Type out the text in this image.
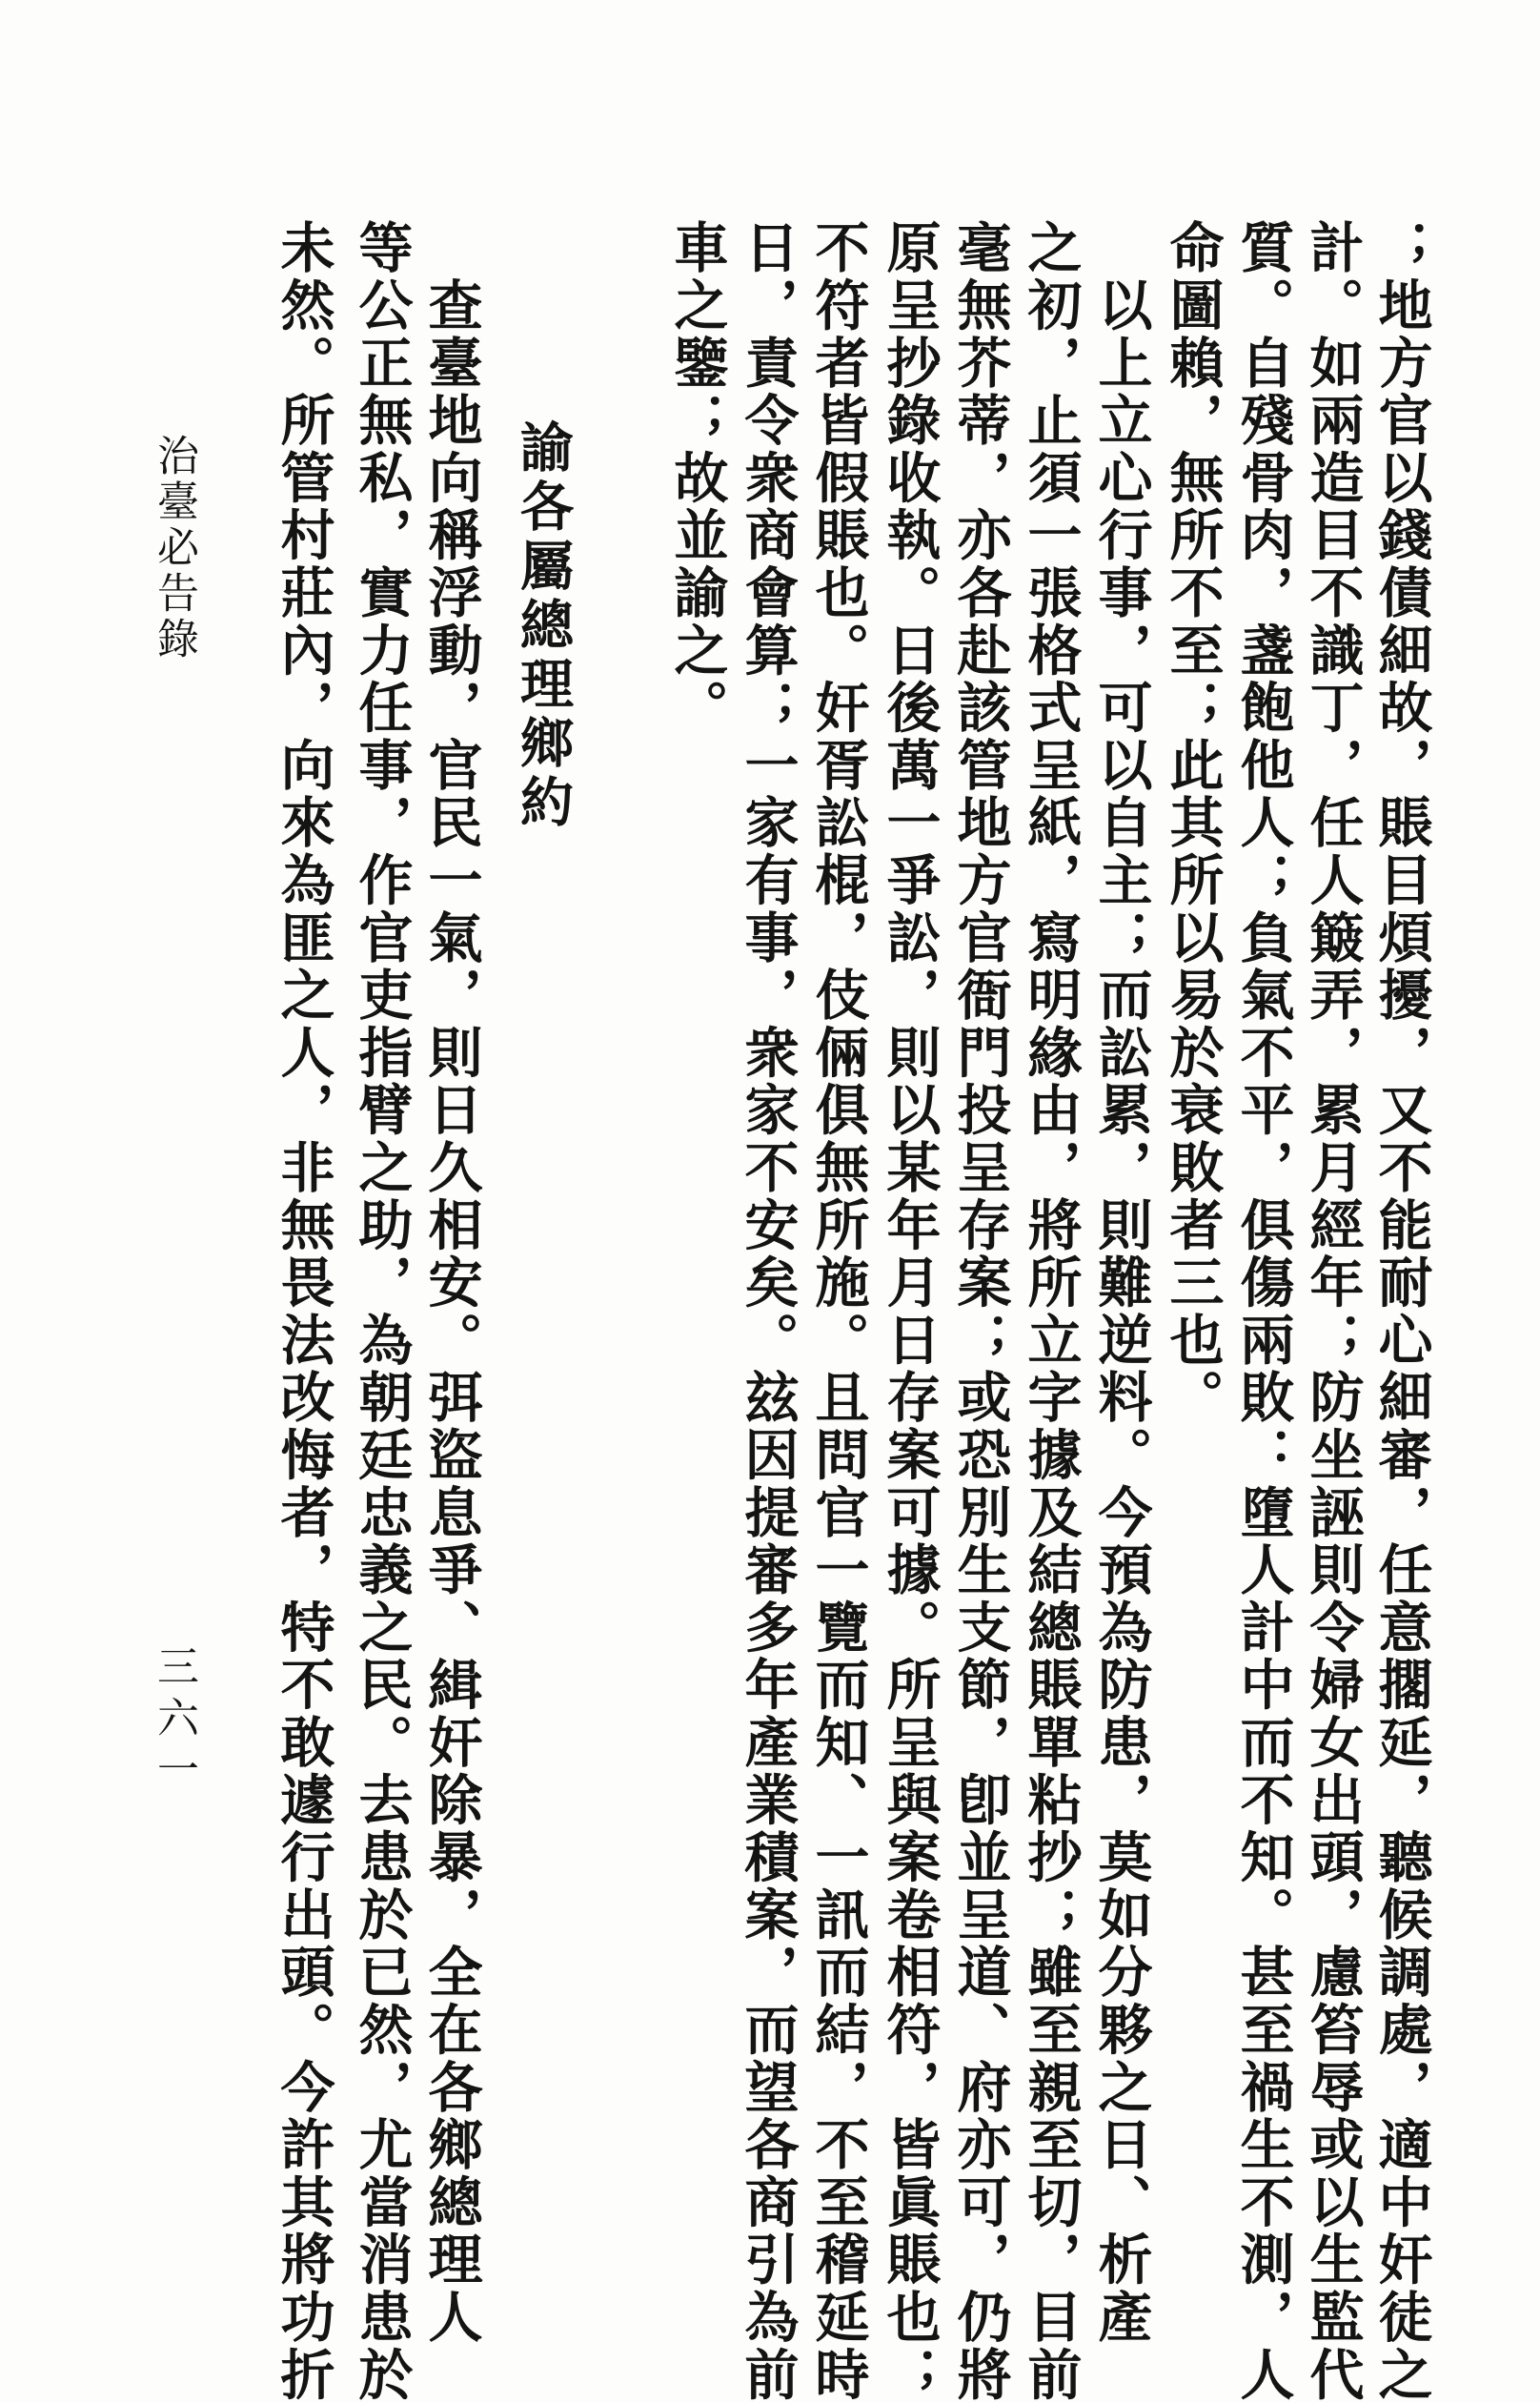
；地方官以錢債細故，賬目煩擾，又不能耐心細審，任意擱延，聽候調處，適中奸徒之
計。如兩造目不識丁，任人簸弄，累月經年；防坐誣則令婦女出頭，慮笞辱或以生監代
質。自殘骨肉，盞飽他人；負氣不平，俱傷兩敗：墮人計中而不知。甚至禍生不測，人
命圖賴，無所不至；此其所以易於衰敗者三也。
　以上立心行事，可以自主；而訟累，則難逆料。今預為防患，莫如分夥之日、析產
之初，止須一張格式呈紙，寫明緣由，將所立字據及結總賬單粘抄；雖至親至切，目前
毫無芥蒂，亦各赴該管地方官衙門投呈存案；或恐別生支節，卽並呈道、府亦可，仍將
原呈抄錄收執。日後萬一爭訟，則以某年月日存案可據。所呈與案卷相符，皆眞賬也；
不符者皆假賬也。奸胥訟棍，伎倆俱無所施。且問官一覽而知、一訊而結，不至稽延時
日，責令衆商會算；一家有事，衆家不安矣。玆因提審多年產業積案，而望各商引為前
車之鑒；故並諭之。
諭各屬總理鄉約
　查臺地向稱浮動，官民一氣，則日久相安。弭盜息爭、緝奸除暴，全在各鄉總理人
等公正無私，實力任事，作官吏指臂之助，為朝廷忠義之民。去患於已然，尤當消患於
未然。所管村莊內，向來為匪之人，非無畏法改悔者，特不敢遽行出頭。今許其將功折
治臺必告錄
三六一
